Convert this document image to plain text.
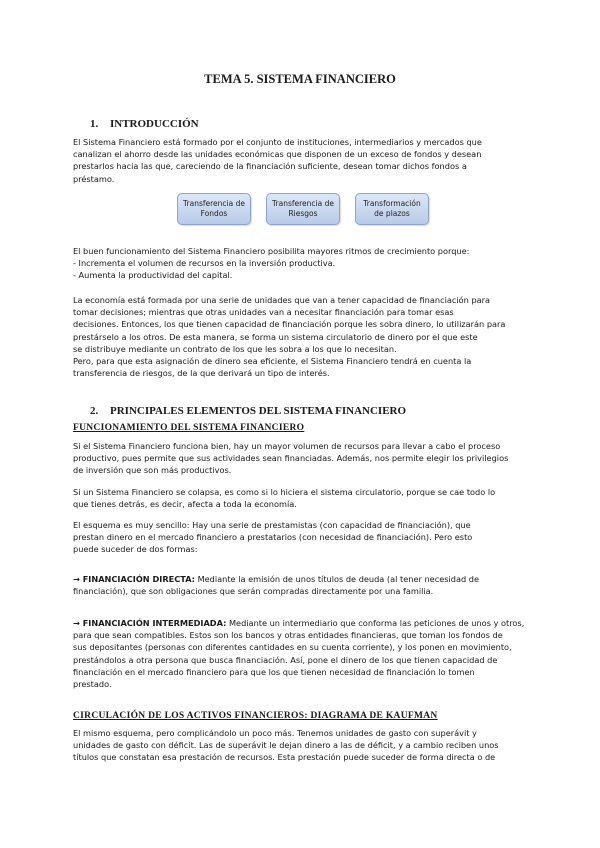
TEMA 5. SISTEMA FINANCIERO
1. INTRODUCCIÓN

El Sistema Financiero está formado por el conjunto de instituciones, intermediarios y mercados que
canalizan el ahorro desde las unidades económicas que disponen de un exceso de fondos y desean
prestarlos hacia las que, careciendo de la financiación suficiente, desean tomar dichos fondos a
préstamo.

Transferencia de
Fondos
Transferencia de
Riesgos
Transformación
de plazos

El buen funcionamiento del Sistema Financiero posibilita mayores ritmos de crecimiento porque:
- Incrementa el volumen de recursos en la inversión productiva.
- Aumenta la productividad del capital.

La economía está formada por una serie de unidades que van a tener capacidad de financiación para
tomar decisiones; mientras que otras unidades van a necesitar financiación para tomar esas
decisiones. Entonces, los que tienen capacidad de financiación porque les sobra dinero, lo utilizarán para
prestárselo a los otros. De esta manera, se forma un sistema circulatorio de dinero por el que este
se distribuye mediante un contrato de los que les sobra a los que lo necesitan.
Pero, para que esta asignación de dinero sea eficiente, el Sistema Financiero tendrá en cuenta la
transferencia de riesgos, de la que derivará un tipo de interés.

2. PRINCIPALES ELEMENTOS DEL SISTEMA FINANCIERO
FUNCIONAMIENTO DEL SISTEMA FINANCIERO

Si el Sistema Financiero funciona bien, hay un mayor volumen de recursos para llevar a cabo el proceso
productivo, pues permite que sus actividades sean financiadas. Además, nos permite elegir los privilegios
de inversión que son más productivos.

Si un Sistema Financiero se colapsa, es como si lo hiciera el sistema circulatorio, porque se cae todo lo
que tienes detrás, es decir, afecta a toda la economía.

El esquema es muy sencillo: Hay una serie de prestamistas (con capacidad de financiación), que
prestan dinero en el mercado financiero a prestatarios (con necesidad de financiación). Pero esto
puede suceder de dos formas:

→ FINANCIACIÓN DIRECTA: Mediante la emisión de unos títulos de deuda (al tener necesidad de
financiación), que son obligaciones que serán compradas directamente por una familia.

→ FINANCIACIÓN INTERMEDIADA: Mediante un intermediario que conforma las peticiones de unos y otros,
para que sean compatibles. Estos son los bancos y otras entidades financieras, que toman los fondos de
sus depositantes (personas con diferentes cantidades en su cuenta corriente), y los ponen en movimiento,
prestándolos a otra persona que busca financiación. Así, pone el dinero de los que tienen capacidad de
financiación en el mercado financiero para que los que tienen necesidad de financiación lo tomen
prestado.

CIRCULACIÓN DE LOS ACTIVOS FINANCIEROS: DIAGRAMA DE KAUFMAN

El mismo esquema, pero complicándolo un poco más. Tenemos unidades de gasto con superávit y
unidades de gasto con déficit. Las de superávit le dejan dinero a las de déficit, y a cambio reciben unos
títulos que constatan esa prestación de recursos. Esta prestación puede suceder de forma directa o de
